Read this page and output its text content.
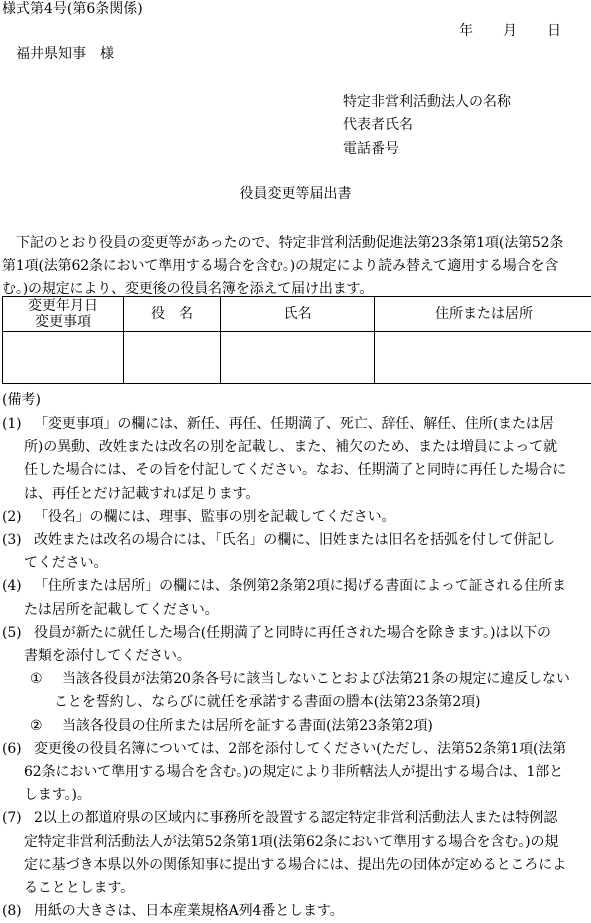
様式第4号(第6条関係)
年 月 日
福井県知事　様
特定非営利活動法人の名称
代表者氏名
電話番号
役員変更等届出書
下記のとおり役員の変更等があったので、特定非営利活動促進法第23条第1項(法第52条
第1項(法第62条において準用する場合を含む。)の規定により読み替えて適用する場合を含
む。)の規定により、変更後の役員名簿を添えて届け出ます。
変更年月日
変更事項	役　名	氏名	住所または居所

(備考)
(1) 「変更事項」の欄には、新任、再任、任期満了、死亡、辞任、解任、住所(または居
所)の異動、改姓または改名の別を記載し、また、補欠のため、または増員によって就
任した場合には、その旨を付記してください。なお、任期満了と同時に再任した場合に
は、再任とだけ記載すれば足ります。
(2) 「役名」の欄には、理事、監事の別を記載してください。
(3) 改姓または改名の場合には、「氏名」の欄に、旧姓または旧名を括弧を付して併記し
てください。
(4) 「住所または居所」の欄には、条例第2条第2項に掲げる書面によって証される住所ま
たは居所を記載してください。
(5) 役員が新たに就任した場合(任期満了と同時に再任された場合を除きます。)は以下の
書類を添付してください。
①	当該各役員が法第20条各号に該当しないことおよび法第21条の規定に違反しない
ことを誓約し、ならびに就任を承諾する書面の謄本(法第23条第2項)
②	当該各役員の住所または居所を証する書面(法第23条第2項)
(6) 変更後の役員名簿については、2部を添付してください(ただし、法第52条第1項(法第
62条において準用する場合を含む。)の規定により非所轄法人が提出する場合は、1部と
します。)。
(7) 2以上の都道府県の区域内に事務所を設置する認定特定非営利活動法人または特例認
定特定非営利活動法人が法第52条第1項(法第62条において準用する場合を含む。)の規
定に基づき本県以外の関係知事に提出する場合には、提出先の団体が定めるところによ
ることとします。
(8) 用紙の大きさは、日本産業規格A列4番とします。
